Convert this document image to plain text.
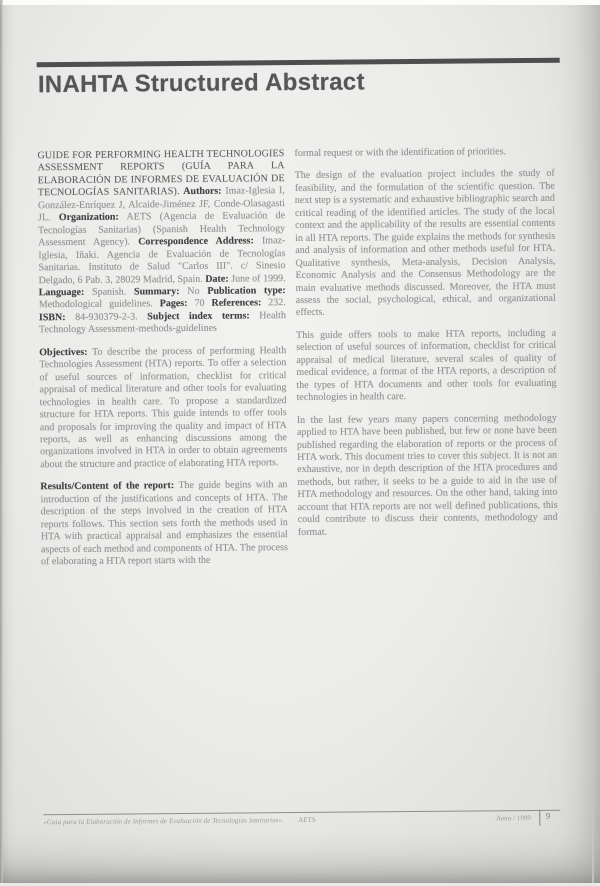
INAHTA Structured Abstract

GUIDE FOR PERFORMING HEALTH TECHNOLOGIES ASSESSMENT REPORTS (GUÍA PARA LA ELABORACIÓN DE INFORMES DE EVALUACIÓN DE TECNOLOGÍAS SANITARIAS). Authors: Imaz-Iglesia I, González-Enríquez J, Alcaide-Jiménez JF, Conde-Olasagasti JL. Organization: AETS (Agencia de Evaluación de Tecnologías Sanitarias) (Spanish Health Technology Assessment Agency). Correspondence Address: Imaz-Iglesia, Iñaki. Agencia de Evaluación de Tecnologías Sanitarias. Instituto de Salud "Carlos III". c/ Sinesio Delgado, 6 Pab. 3, 28029 Madrid, Spain. Date: June of 1999. Language: Spanish. Summary: No Publication type: Methodological guidelines. Pages: 70 References: 232. ISBN: 84-930379-2-3. Subject index terms: Health Technology Assessment-methods-guidelines

Objectives: To describe the process of performing Health Technologies Assessment (HTA) reports. To offer a selection of useful sources of information, checklist for critical appraisal of medical literature and other tools for evaluating technologies in health care. To propose a standardized structure for HTA reports. This guide intends to offer tools and proposals for improving the quality and impact of HTA reports, as well as enhancing discussions among the organizations involved in HTA in order to obtain agreements about the structure and practice of elaborating HTA reports.

Results/Content of the report: The guide begins with an introduction of the justifications and concepts of HTA. The description of the steps involved in the creation of HTA reports follows. This section sets forth the methods used in HTA with practical appraisal and emphasizes the essential aspects of each method and components of HTA. The process of elaborating a HTA report starts with the

formal request or with the identification of priorities.

The design of the evaluation project includes the study of feasibility, and the formulation of the scientific question. The next step is a systematic and exhaustive bibliographic search and critical reading of the identified articles. The study of the local context and the applicability of the results are essential contents in all HTA reports. The guide explains the methods for synthesis and analysis of information and other methods useful for HTA. Qualitative synthesis, Meta-analysis, Decision Analysis, Economic Analysis and the Consensus Methodology are the main evaluative methods discussed. Moreover, the HTA must assess the social, psychological, ethical, and organizational effects.

This guide offers tools to make HTA reports, including a selection of useful sources of information, checklist for critical appraisal of medical literature, several scales of quality of medical evidence, a format of the HTA reports, a description of the types of HTA documents and other tools for evaluating technologies in health care.

In the last few years many papers concerning methodology applied to HTA have been published, but few or none have been published regarding the elaboration of reports or the process of HTA work. This document tries to cover this subject. It is not an exhaustive, nor in depth description of the HTA procedures and methods, but rather, it seeks to be a guide to aid in the use of HTA methodology and resources. On the other hand, taking into account that HTA reports are not well defined publications, this could contribute to discuss their contents, methodology and format.

«Guía para la Elaboración de Informes de Evaluación de Tecnologías Sanitarias» AETS	Junio / 1999	9
